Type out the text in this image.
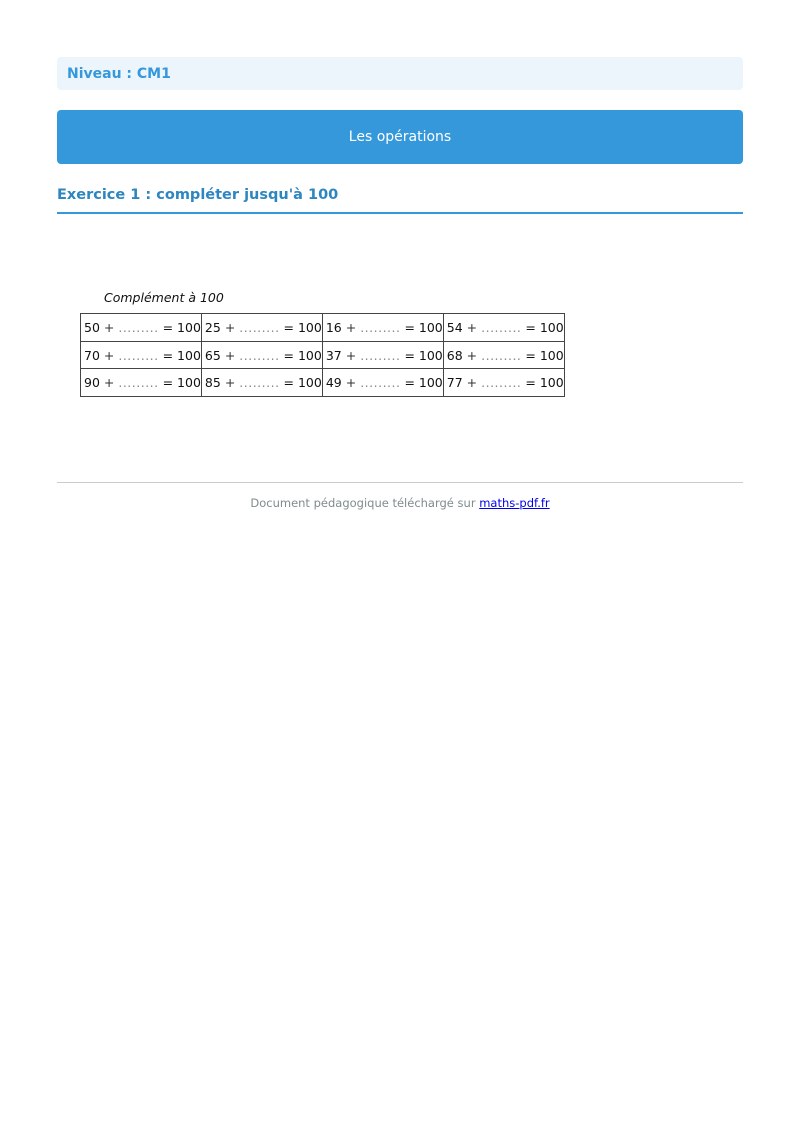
Niveau : CM1
Les opérations
Exercice 1 : compléter jusqu'à 100
Complément à 100
50 + ......... = 100	25 + ......... = 100	16 + ......... = 100	54 + ......... = 100
70 + ......... = 100	65 + ......... = 100	37 + ......... = 100	68 + ......... = 100
90 + ......... = 100	85 + ......... = 100	49 + ......... = 100	77 + ......... = 100
Document pédagogique téléchargé sur maths-pdf.fr
